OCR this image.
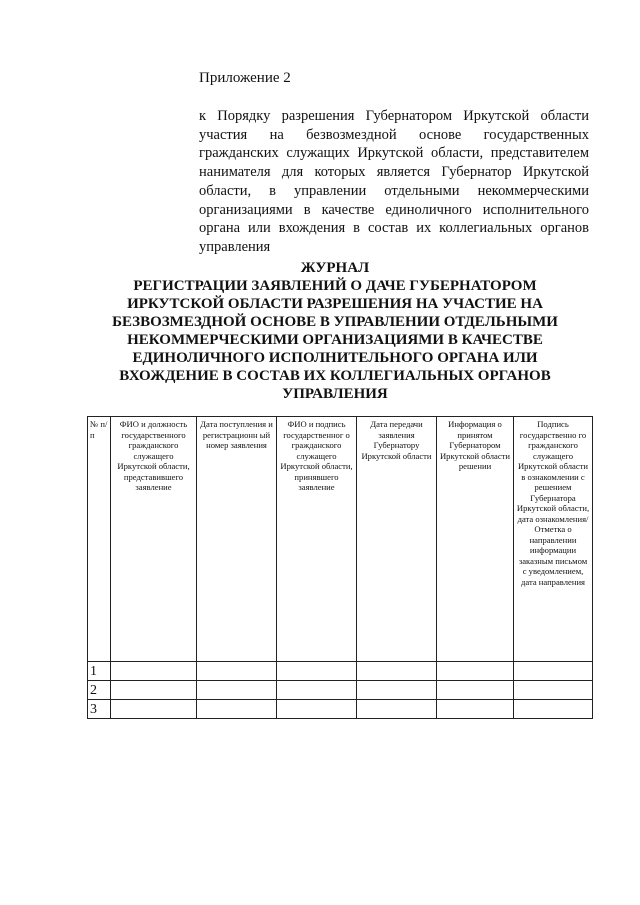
Приложение 2
к Порядку разрешения Губернатором Иркутской области участия на безвозмездной основе государственных гражданских служащих Иркутской области, представителем нанимателя для которых является Губернатор Иркутской области, в управлении отдельными некоммерческими организациями в качестве единоличного исполнительного органа или вхождения в состав их коллегиальных органов управления
ЖУРНАЛ
РЕГИСТРАЦИИ ЗАЯВЛЕНИЙ О ДАЧЕ ГУБЕРНАТОРОМ
ИРКУТСКОЙ ОБЛАСТИ РАЗРЕШЕНИЯ НА УЧАСТИЕ НА
БЕЗВОЗМЕЗДНОЙ ОСНОВЕ В УПРАВЛЕНИИ ОТДЕЛЬНЫМИ
НЕКОММЕРЧЕСКИМИ ОРГАНИЗАЦИЯМИ В КАЧЕСТВЕ
ЕДИНОЛИЧНОГО ИСПОЛНИТЕЛЬНОГО ОРГАНА ИЛИ
ВХОЖДЕНИЕ В СОСТАВ ИХ КОЛЛЕГИАЛЬНЫХ ОРГАНОВ
УПРАВЛЕНИЯ
№ п/п	ФИО и должность государственного гражданского служащего Иркутской области, представившего заявление	Дата поступления и регистрационн ый номер заявления	ФИО и подпись государственног о гражданского служащего Иркутской области, принявшего заявление	Дата передачи заявления Губернатору Иркутской области	Информация о принятом Губернатором Иркутской области решении	Подпись государственно го гражданского служащего Иркутской области в ознакомлении с решением Губернатора Иркутской области, дата ознакомления/ Отметка о направлении информации заказным письмом с уведомлением, дата направления
1						
2						
3						
